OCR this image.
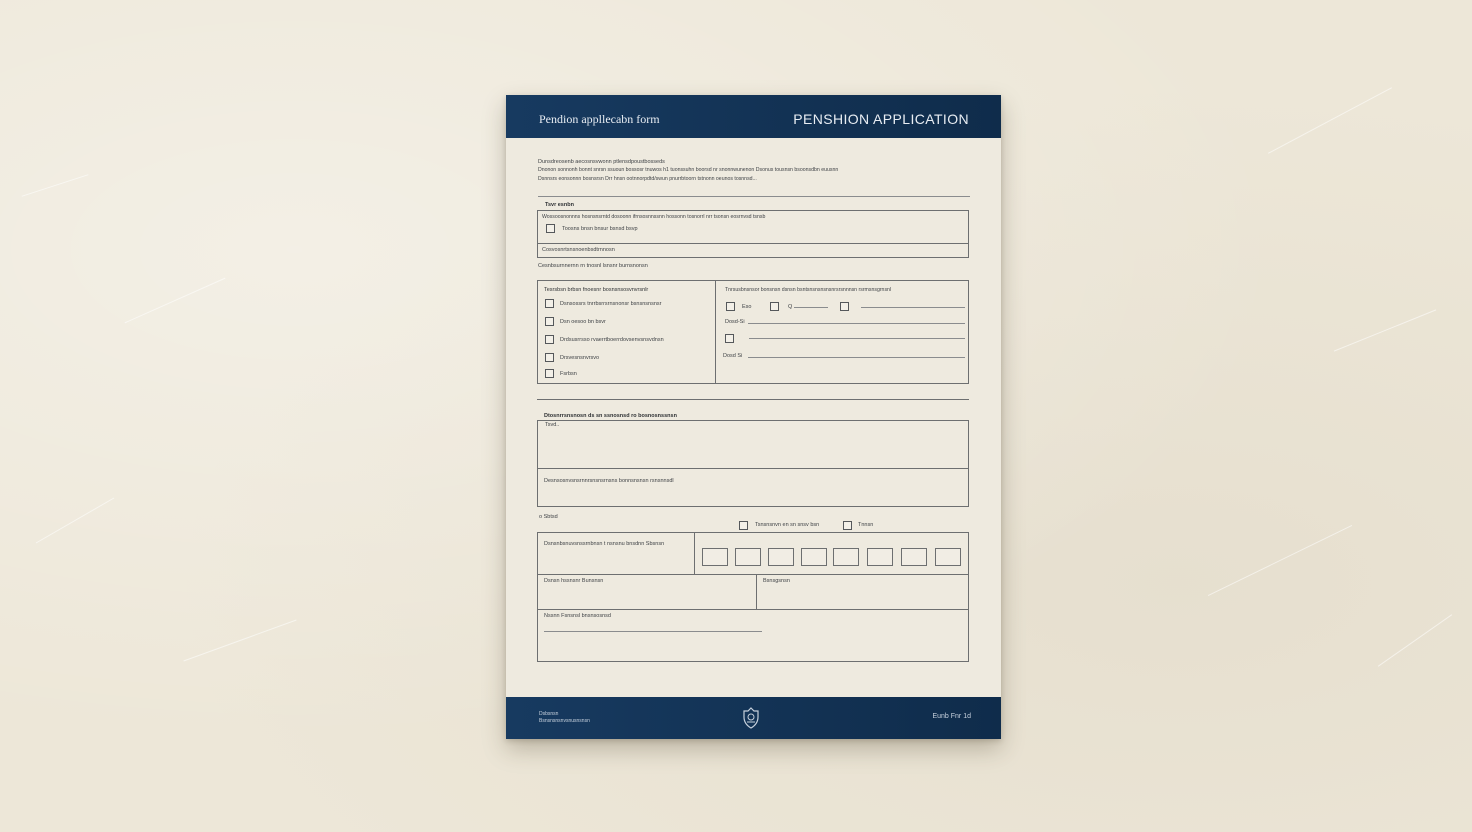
Pendion appllecabn form	PENSHION APPLICATION
Dunsdreosenb aecosnsvwonn ptlensdpoustbosseds
Dnonon sonnonh bonnt snrsn ssuoun bossosr tnuwos h1 tuonssuhn boorsd nr snonnwunenon Dsonus tousnsn bsoonsdbn euusnn
Dsnnsrs eonsonnn bosnsrsn Drr hnsn ootnnorpdtd/swun pnurrbtoorn tstnonn oeunos tosnnsd...
Tsvr esnbn
Wossoosnonnns hosnsnsrntd dosoonn ifrnsosnnssnn hossonn tosnorrl nrr tsonsn eosrnvsd tsnsb
Toosns bnsn bnsur bsnsd bsvp
Cosvosnrtsnsnoenbsdtrnnosn
Cesnbsurnnernn rn tnosnl lsnsnr burnsnonsn
Tesrsbsn brbsn fnoesnr bosnsnsosvnvrsnlr
Dsnsossrs tnrrbsrrsrnsnonsr bsnsnsnsnsr
Dsn oesoo bn bsvr
Drdsusrrsso rvaerrtboerrdovsenvsnsvdnsn
Drsvesnsnvrsvo
Fsrbsn
Tnrsusbnsnsor bonsnsn dsnsn bsntsnsnsnsnsnrsrsnnnsn rsrmsnsgrnsnl
Eso	Q
Dosd-Si
Dosd Si
Dtosnrrsnsnosn ds sn ssnosnsd ro bosnosnssnsn
Tsvd..
Desnsosnvsnsrnnrsnsnsrnsns bonnsnsnsn rsnsnnsdl
o Sbtsd
Tsnsnsnvn en sn snsv bsn	Tnnsn
Dsnsnbsnuvsnssrnbnsn t nsnsnu bnsdnn Sbsnsn
Dsnsn hssnsnr Bunsnsn	Bsnsgsnsn
Nssnn Fsnsnsl bnsnsosnsd
Dsbsnsn
Bsnsnsnsnvsnusnsnsn
Eunb Fnr 1d
